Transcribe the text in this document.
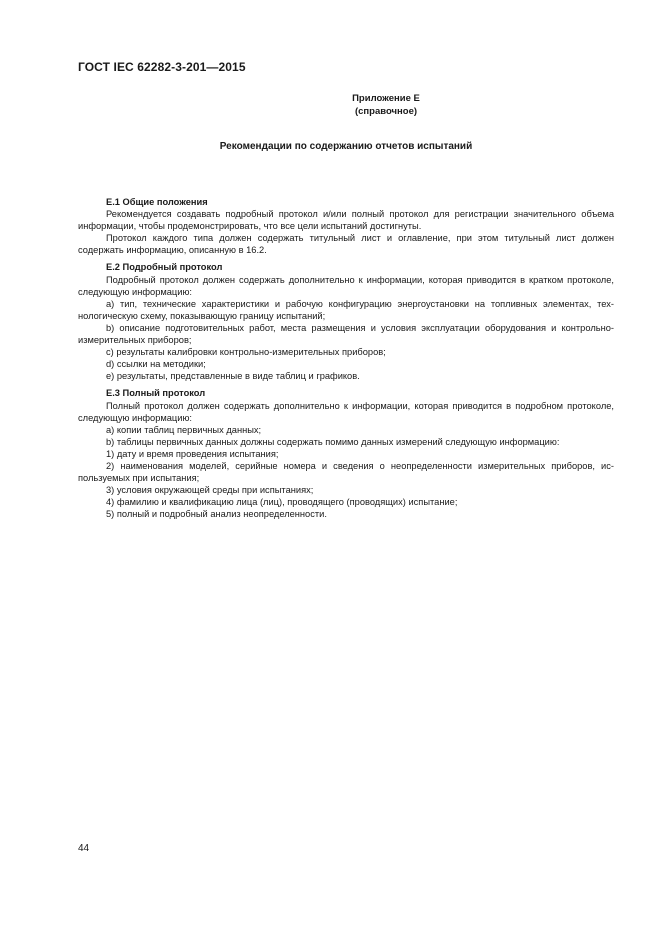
ГОСТ IEC 62282-3-201—2015
Приложение Е
(справочное)
Рекомендации по содержанию отчетов испытаний

Е.1 Общие положения

Рекомендуется создавать подробный протокол и/или полный протокол для регистрации значительного объема информации, чтобы продемонстрировать, что все цели испытаний достигнуты.

Протокол каждого типа должен содержать титульный лист и оглавление, при этом титульный лист должен содержать информацию, описанную в 16.2.

Е.2 Подробный протокол

Подробный протокол должен содержать дополнительно к информации, которая приводится в кратком протоколе, следующую информацию:

а) тип, технические характеристики и рабочую конфигурацию энергоустановки на топливных элементах, технологическую схему, показывающую границу испытаний;

b) описание подготовительных работ, места размещения и условия эксплуатации оборудования и контрольно-измерительных приборов;

с) результаты калибровки контрольно-измерительных приборов;

d) ссылки на методики;

е) результаты, представленные в виде таблиц и графиков.

Е.3 Полный протокол

Полный протокол должен содержать дополнительно к информации, которая приводится в подробном протоколе, следующую информацию:

а) копии таблиц первичных данных;

b) таблицы первичных данных должны содержать помимо данных измерений следующую информацию:

1) дату и время проведения испытания;

2) наименования моделей, серийные номера и сведения о неопределенности измерительных приборов, используемых при испытания;

3) условия окружающей среды при испытаниях;

4) фамилию и квалификацию лица (лиц), проводящего (проводящих) испытание;

5) полный и подробный анализ неопределенности.

44
